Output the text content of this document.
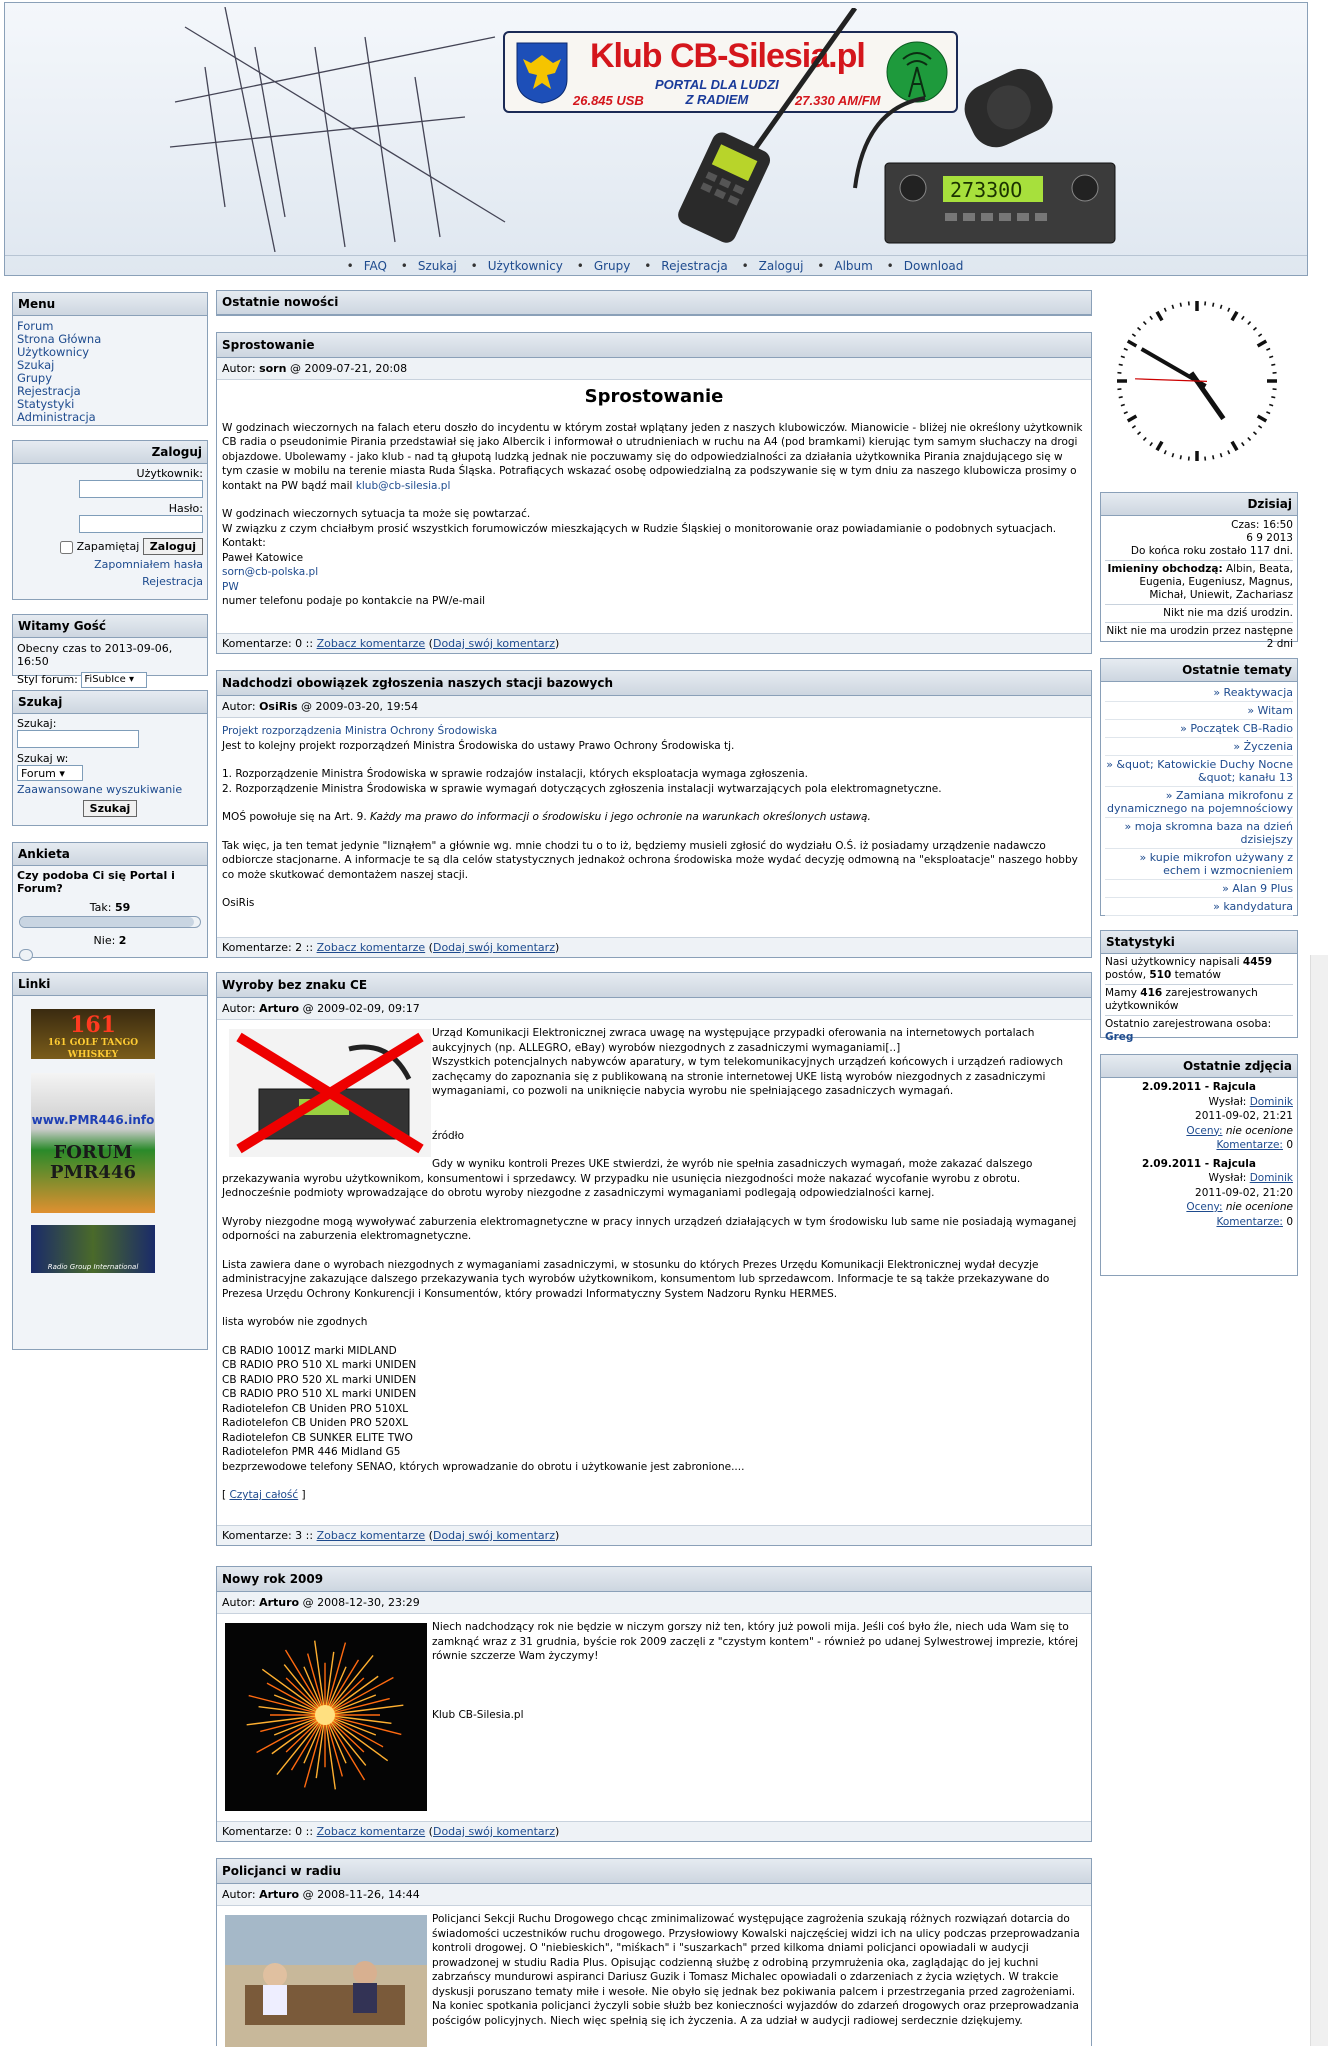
Klub CB-Silesia.pl
PORTAL DLA LUDZI
Z RADIEM
26.845 USB	27.330 AM/FM
27330O
• FAQ •	Szukaj •	Użytkownicy •	Grupy •	Rejestracja •	Zaloguj •	Album •	Download
Menu
Forum
Strona Główna
Użytkownicy
Szukaj
Grupy
Rejestracja
Statystyki
Administracja
Zaloguj
Użytkownik:
Hasło:
Zapamiętaj Zaloguj
Zapomniałem hasła
Rejestracja
Witamy Gość
Obecny czas to 2013-09-06, 16:50
Styl forum: FiSubIce ▾
Szukaj
Szukaj:
Szukaj w:
Forum ▾
Zaawansowane wyszukiwanie
Szukaj
Ankieta
Czy podoba Ci się Portal i Forum?
Tak: 59
Nie: 2
Linki
161
161 GOLF TANGO WHISKEY
www.PMR446.info
FORUM PMR446
Radio Group International
Ostatnie nowości
Sprostowanie
Autor: sorn @ 2009-07-21, 20:08
Sprostowanie
W godzinach wieczornych na falach eteru doszło do incydentu w którym został wplątany jeden z naszych klubowiczów. Mianowicie - bliżej nie określony użytkownik CB radia o pseudonimie Pirania przedstawiał się jako Albercik i informował o utrudnieniach w ruchu na A4 (pod bramkami) kierując tym samym słuchaczy na drogi objazdowe. Ubolewamy - jako klub - nad tą głupotą ludzką jednak nie poczuwamy się do odpowiedzialności za działania użytkownika Pirania znajdującego się w tym czasie w mobilu na terenie miasta Ruda Śląska. Potrafiących wskazać osobę odpowiedzialną za podszywanie się w tym dniu za naszego klubowicza prosimy o kontakt na PW bądź mail klub@cb-silesia.pl
W godzinach wieczornych sytuacja ta może się powtarzać.
W związku z czym chciałbym prosić wszystkich forumowiczów mieszkających w Rudzie Śląskiej o monitorowanie oraz powiadamianie o podobnych sytuacjach.
Kontakt:
Paweł Katowice
sorn@cb-polska.pl
PW
numer telefonu podaje po kontakcie na PW/e-mail
Komentarze: 0 :: Zobacz komentarze (Dodaj swój komentarz)
Nadchodzi obowiązek zgłoszenia naszych stacji bazowych
Autor: OsiRis @ 2009-03-20, 19:54
Projekt rozporządzenia Ministra Ochrony Środowiska
Jest to kolejny projekt rozporządzeń Ministra Środowiska do ustawy Prawo Ochrony Środowiska tj.
1. Rozporządzenie Ministra Środowiska w sprawie rodzajów instalacji, których eksploatacja wymaga zgłoszenia.
2. Rozporządzenie Ministra Środowiska w sprawie wymagań dotyczących zgłoszenia instalacji wytwarzających pola elektromagnetyczne.
MOŚ powołuje się na Art. 9. Każdy ma prawo do informacji o środowisku i jego ochronie na warunkach określonych ustawą.
Tak więc, ja ten temat jedynie "liznąłem" a głównie wg. mnie chodzi tu o to iż, będziemy musieli zgłosić do wydziału O.Ś. iż posiadamy urządzenie nadawczo odbiorcze stacjonarne. A informacje te są dla celów statystycznych jednakoż ochrona środowiska może wydać decyzję odmowną na "eksploatacje" naszego hobby co może skutkować demontażem naszej stacji.
OsiRis
Komentarze: 2 :: Zobacz komentarze (Dodaj swój komentarz)
Wyroby bez znaku CE
Autor: Arturo @ 2009-02-09, 09:17
Urząd Komunikacji Elektronicznej zwraca uwagę na występujące przypadki oferowania na internetowych portalach aukcyjnych (np. ALLEGRO, eBay) wyrobów niezgodnych z zasadniczymi wymaganiami[..]
Wszystkich potencjalnych nabywców aparatury, w tym telekomunikacyjnych urządzeń końcowych i urządzeń radiowych zachęcamy do zapoznania się z publikowaną na stronie internetowej UKE listą wyrobów niezgodnych z zasadniczymi wymaganiami, co pozwoli na uniknięcie nabycia wyrobu nie spełniającego zasadniczych wymagań.
źródło
Gdy w wyniku kontroli Prezes UKE stwierdzi, że wyrób nie spełnia zasadniczych wymagań, może zakazać dalszego przekazywania wyrobu użytkownikom, konsumentowi i sprzedawcy. W przypadku nie usunięcia niezgodności może nakazać wycofanie wyrobu z obrotu. Jednocześnie podmioty wprowadzające do obrotu wyroby niezgodne z zasadniczymi wymaganiami podlegają odpowiedzialności karnej.
Wyroby niezgodne mogą wywoływać zaburzenia elektromagnetyczne w pracy innych urządzeń działających w tym środowisku lub same nie posiadają wymaganej odporności na zaburzenia elektromagnetyczne.
Lista zawiera dane o wyrobach niezgodnych z wymaganiami zasadniczymi, w stosunku do których Prezes Urzędu Komunikacji Elektronicznej wydał decyzje administracyjne zakazujące dalszego przekazywania tych wyrobów użytkownikom, konsumentom lub sprzedawcom. Informacje te są także przekazywane do Prezesa Urzędu Ochrony Konkurencji i Konsumentów, który prowadzi Informatyczny System Nadzoru Rynku HERMES.
lista wyrobów nie zgodnych
CB RADIO 1001Z marki MIDLAND
CB RADIO PRO 510 XL marki UNIDEN
CB RADIO PRO 520 XL marki UNIDEN
CB RADIO PRO 510 XL marki UNIDEN
Radiotelefon CB Uniden PRO 510XL
Radiotelefon CB Uniden PRO 520XL
Radiotelefon CB SUNKER ELITE TWO
Radiotelefon PMR 446 Midland G5
bezprzewodowe telefony SENAO, których wprowadzanie do obrotu i użytkowanie jest zabronione....
[ Czytaj całość ]
Komentarze: 3 :: Zobacz komentarze (Dodaj swój komentarz)
Nowy rok 2009
Autor: Arturo @ 2008-12-30, 23:29
Niech nadchodzący rok nie będzie w niczym gorszy niż ten, który już powoli mija. Jeśli coś było źle, niech uda Wam się to zamknąć wraz z 31 grudnia, byście rok 2009 zaczęli z "czystym kontem" - również po udanej Sylwestrowej imprezie, której równie szczerze Wam życzymy!
Klub CB-Silesia.pl
Komentarze: 0 :: Zobacz komentarze (Dodaj swój komentarz)
Policjanci w radiu
Autor: Arturo @ 2008-11-26, 14:44
Policjanci Sekcji Ruchu Drogowego chcąc zminimalizować występujące zagrożenia szukają różnych rozwiązań dotarcia do świadomości uczestników ruchu drogowego. Przysłowiowy Kowalski najczęściej widzi ich na ulicy podczas przeprowadzania kontroli drogowej. O "niebieskich", "miśkach" i "suszarkach" przed kilkoma dniami policjanci opowiadali w audycji prowadzonej w studiu Radia Plus. Opisując codzienną służbę z odrobiną przymrużenia oka, zaglądając do jej kuchni zabrzańscy mundurowi aspiranci Dariusz Guzik i Tomasz Michalec opowiadali o zdarzeniach z życia wziętych. W trakcie dyskusji poruszano tematy miłe i wesołe. Nie obyło się jednak bez pokiwania palcem i przestrzegania przed zagrożeniami. Na koniec spotkania policjanci życzyli sobie służb bez konieczności wyjazdów do zdarzeń drogowych oraz przeprowadzania pościgów policyjnych. Niech więc spełnią się ich życzenia. A za udział w audycji radiowej serdecznie dziękujemy.
Dzisiaj
Czas: 16:50
6 9 2013
Do końca roku zostało 117 dni.
Imieniny obchodzą: Albin, Beata, Eugenia, Eugeniusz, Magnus, Michał, Uniewit, Zachariasz
Nikt nie ma dziś urodzin.
Nikt nie ma urodzin przez następne 2 dni
Ostatnie tematy
» Reaktywacja
» Witam
» Początek CB-Radio
» Życzenia
» &quot; Katowickie Duchy Nocne &quot; kanału 13
» Zamiana mikrofonu z dynamicznego na pojemnościowy
» moja skromna baza na dzień dzisiejszy
» kupie mikrofon używany z echem i wzmocnieniem
» Alan 9 Plus
» kandydatura
Statystyki
Nasi użytkownicy napisali 4459 postów, 510 tematów
Mamy 416 zarejestrowanych użytkowników
Ostatnio zarejestrowana osoba:
Greg
Ostatnie zdjęcia
2.09.2011 - Rajcula
Wysłał: Dominik
2011-09-02, 21:21
Oceny: nie ocenione
Komentarze: 0
2.09.2011 - Rajcula
Wysłał: Dominik
2011-09-02, 21:20
Oceny: nie ocenione
Komentarze: 0
